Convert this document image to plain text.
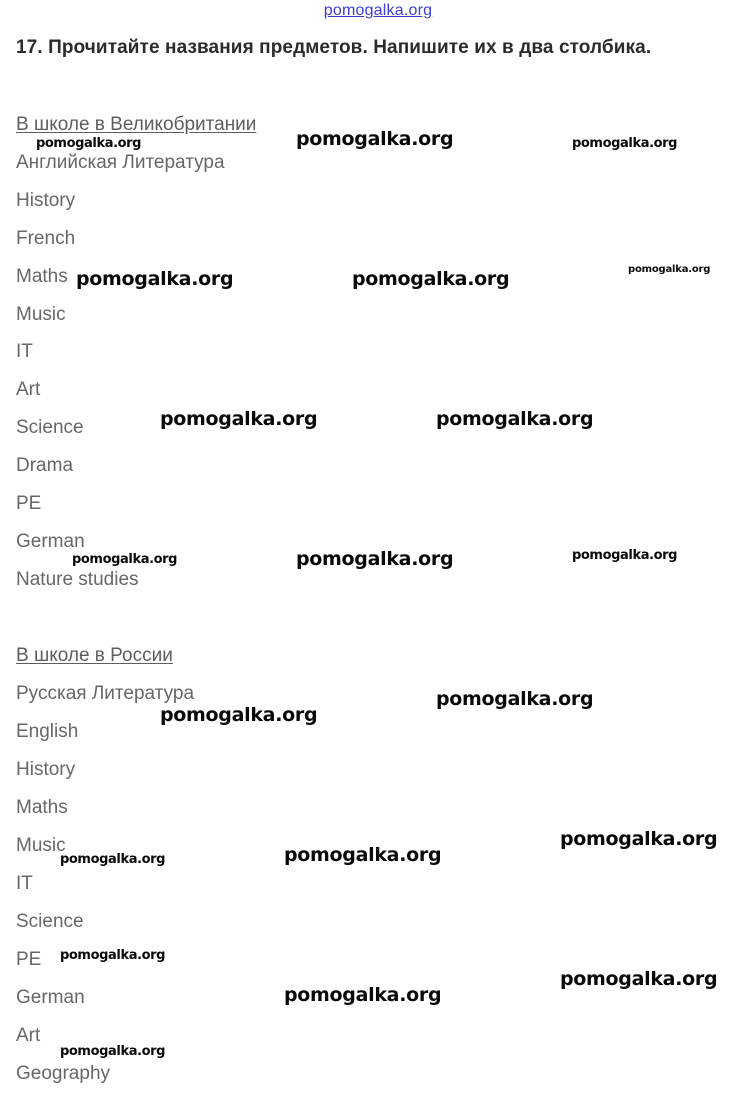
pomogalka.org
17. Прочитайте названия предметов. Напишите их в два столбика.
В школе в Великобритании
Английская Литература
History
French
Maths
Music
IT
Art
Science
Drama
PE
German
Nature studies
В школе в России
Русская Литература
English
History
Maths
Music
IT
Science
PE
German
Art
Geography
pomogalka.org	pomogalka.org	pomogalka.org
pomogalka.org	pomogalka.org	pomogalka.org
pomogalka.org	pomogalka.org
pomogalka.org	pomogalka.org	pomogalka.org
pomogalka.org
pomogalka.org
pomogalka.org
pomogalka.org	pomogalka.org
pomogalka.org
pomogalka.org
pomogalka.org
pomogalka.org
